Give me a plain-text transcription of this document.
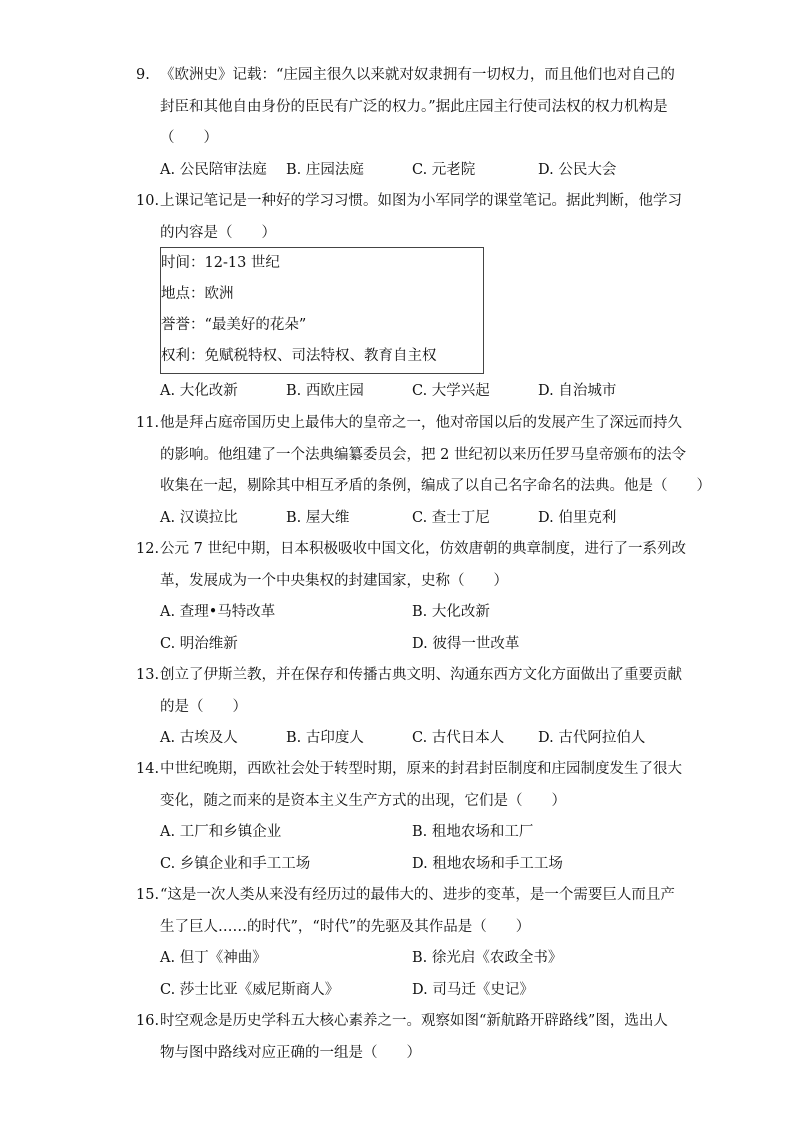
9. 《欧洲史》记载：“庄园主很久以来就对奴隶拥有一切权力，而且他们也对自己的
封臣和其他自由身份的臣民有广泛的权力。”据此庄园主行使司法权的权力机构是
（　　）
A. 公民陪审法庭 B. 庄园法庭	C. 元老院	D. 公民大会
10. 上课记笔记是一种好的学习习惯。如图为小军同学的课堂笔记。据此判断，他学习
的内容是（　　）
时间：12-13 世纪
地点：欧洲
誉誉：“最美好的花朵”
权利：免赋税特权、司法特权、教育自主权
A. 大化改新	B. 西欧庄园	C. 大学兴起	D. 自治城市
11. 他是拜占庭帝国历史上最伟大的皇帝之一，他对帝国以后的发展产生了深远而持久
的影响。他组建了一个法典编纂委员会，把 2 世纪初以来历任罗马皇帝颁布的法令
收集在一起，剔除其中相互矛盾的条例，编成了以自己名字命名的法典。他是（　　）
A. 汉谟拉比	B. 屋大维	C. 查士丁尼	D. 伯里克利
12. 公元 7 世纪中期，日本积极吸收中国文化，仿效唐朝的典章制度，进行了一系列改
革，发展成为一个中央集权的封建国家，史称（　　）
A. 查理•马特改革	B. 大化改新
C. 明治维新	D. 彼得一世改革
13. 创立了伊斯兰教，并在保存和传播古典文明、沟通东西方文化方面做出了重要贡献
的是（　　）
A. 古埃及人	B. 古印度人	C. 古代日本人 D. 古代阿拉伯人
14. 中世纪晚期，西欧社会处于转型时期，原来的封君封臣制度和庄园制度发生了很大
变化，随之而来的是资本主义生产方式的出现，它们是（　　）
A. 工厂和乡镇企业	B. 租地农场和工厂
C. 乡镇企业和手工工场	D. 租地农场和手工工场
15. “这是一次人类从来没有经历过的最伟大的、进步的变革，是一个需要巨人而且产
生了巨人……的时代”，“时代”的先驱及其作品是（　　）
A. 但丁《神曲》	B. 徐光启《农政全书》
C. 莎士比亚《威尼斯商人》	D. 司马迁《史记》
16. 时空观念是历史学科五大核心素养之一。观察如图“新航路开辟路线”图，选出人
物与图中路线对应正确的一组是（　　）
